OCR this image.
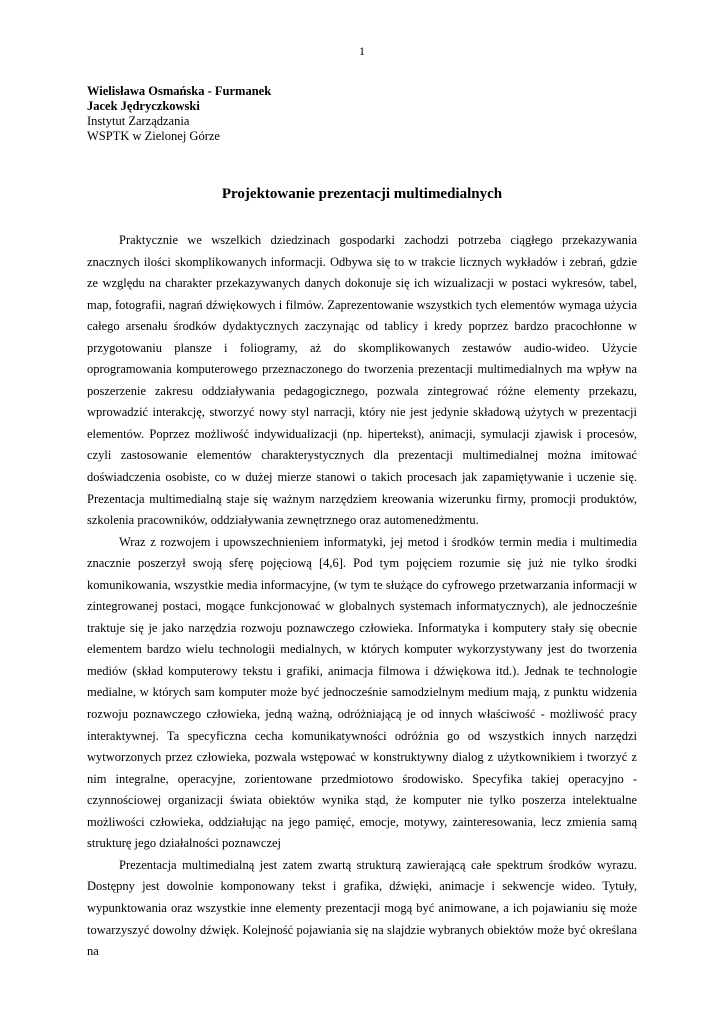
1
Wielisława Osmańska - Furmanek
Jacek Jędryczkowski
Instytut Zarządzania
WSPTK w Zielonej Górze
Projektowanie prezentacji multimedialnych

Praktycznie we wszelkich dziedzinach gospodarki zachodzi potrzeba ciągłego przekazywania znacznych ilości skomplikowanych informacji. Odbywa się to w trakcie licznych wykładów i zebrań, gdzie ze względu na charakter przekazywanych danych dokonuje się ich wizualizacji w postaci wykresów, tabel, map, fotografii, nagrań dźwiękowych i filmów. Zaprezentowanie wszystkich tych elementów wymaga użycia całego arsenału środków dydaktycznych zaczynając od tablicy i kredy poprzez bardzo pracochłonne w przygotowaniu plansze i foliogramy, aż do skomplikowanych zestawów audio-wideo. Użycie oprogramowania komputerowego przeznaczonego do tworzenia prezentacji multimedialnych ma wpływ na poszerzenie zakresu oddziaływania pedagogicznego, pozwala zintegrować różne elementy przekazu, wprowadzić interakcję, stworzyć nowy styl narracji, który nie jest jedynie składową użytych w prezentacji elementów. Poprzez możliwość indywidualizacji (np. hipertekst), animacji, symulacji zjawisk i procesów, czyli zastosowanie elementów charakterystycznych dla prezentacji multimedialnej można imitować doświadczenia osobiste, co w dużej mierze stanowi o takich procesach jak zapamiętywanie i uczenie się. Prezentacja multimedialną staje się ważnym narzędziem kreowania wizerunku firmy, promocji produktów, szkolenia pracowników, oddziaływania zewnętrznego oraz automenedżmentu.

Wraz z rozwojem i upowszechnieniem informatyki, jej metod i środków termin media i multimedia znacznie poszerzył swoją sferę pojęciową [4,6]. Pod tym pojęciem rozumie się już nie tylko środki komunikowania, wszystkie media informacyjne, (w tym te służące do cyfrowego przetwarzania informacji w zintegrowanej postaci, mogące funkcjonować w globalnych systemach informatycznych), ale jednocześnie traktuje się je jako narzędzia rozwoju poznawczego człowieka. Informatyka i komputery stały się obecnie elementem bardzo wielu technologii medialnych, w których komputer wykorzystywany jest do tworzenia mediów (skład komputerowy tekstu i grafiki, animacja filmowa i dźwiękowa itd.). Jednak te technologie medialne, w których sam komputer może być jednocześnie samodzielnym medium mają, z punktu widzenia rozwoju poznawczego człowieka, jedną ważną, odróżniającą je od innych właściwość - możliwość pracy interaktywnej. Ta specyficzna cecha komunikatywności odróżnia go od wszystkich innych narzędzi wytworzonych przez człowieka, pozwala wstępować w konstruktywny dialog z użytkownikiem i tworzyć z nim integralne, operacyjne, zorientowane przedmiotowo środowisko. Specyfika takiej operacyjno - czynnościowej organizacji świata obiektów wynika stąd, że komputer nie tylko poszerza intelektualne możliwości człowieka, oddziałując na jego pamięć, emocje, motywy, zainteresowania, lecz zmienia samą strukturę jego działalności poznawczej

Prezentacja multimedialną jest zatem zwartą strukturą zawierającą całe spektrum środków wyrazu. Dostępny jest dowolnie komponowany tekst i grafika, dźwięki, animacje i sekwencje wideo. Tytuły, wypunktowania oraz wszystkie inne elementy prezentacji mogą być animowane, a ich pojawianiu się może towarzyszyć dowolny dźwięk. Kolejność pojawiania się na slajdzie wybranych obiektów może być określana na
